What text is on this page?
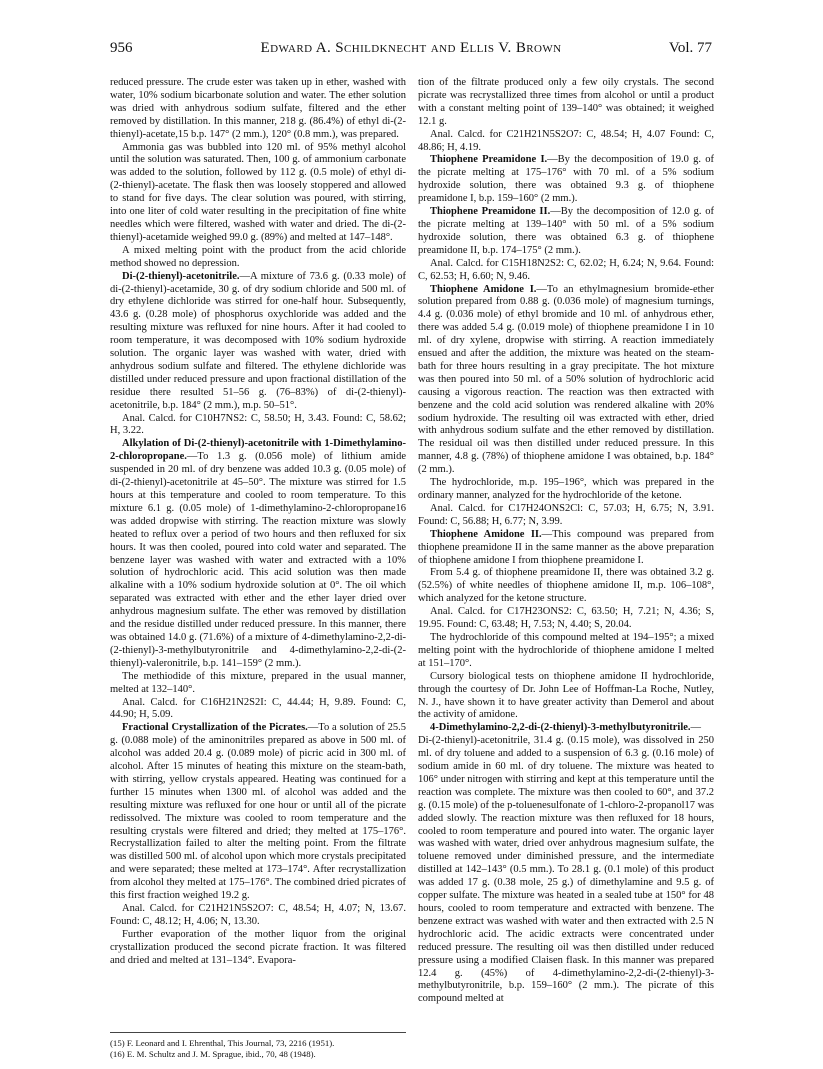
956	Edward A. Schildknecht and Ellis V. Brown	Vol. 77

reduced pressure. The crude ester was taken up in ether, washed with water, 10% sodium bicarbonate solution and water. The ether solution was dried with anhydrous sodium sulfate, filtered and the ether removed by distillation. In this manner, 218 g. (86.4%) of ethyl di-(2-thienyl)-acetate,15 b.p. 147° (2 mm.), 120° (0.8 mm.), was prepared.

Ammonia gas was bubbled into 120 ml. of 95% methyl alcohol until the solution was saturated. Then, 100 g. of ammonium carbonate was added to the solution, followed by 112 g. (0.5 mole) of ethyl di-(2-thienyl)-acetate. The flask then was loosely stoppered and allowed to stand for five days. The clear solution was poured, with stirring, into one liter of cold water resulting in the precipitation of fine white needles which were filtered, washed with water and dried. The di-(2-thienyl)-acetamide weighed 99.0 g. (89%) and melted at 147–148°.

A mixed melting point with the product from the acid chloride method showed no depression.

Di-(2-thienyl)-acetonitrile.—A mixture of 73.6 g. (0.33 mole) of di-(2-thienyl)-acetamide, 30 g. of dry sodium chloride and 500 ml. of dry ethylene dichloride was stirred for one-half hour. Subsequently, 43.6 g. (0.28 mole) of phosphorus oxychloride was added and the resulting mixture was refluxed for nine hours. After it had cooled to room temperature, it was decomposed with 10% sodium hydroxide solution. The organic layer was washed with water, dried with anhydrous sodium sulfate and filtered. The ethylene dichloride was distilled under reduced pressure and upon fractional distillation of the residue there resulted 51–56 g. (76–83%) of di-(2-thienyl)-acetonitrile, b.p. 184° (2 mm.), m.p. 50–51°.

Anal. Calcd. for C10H7NS2: C, 58.50; H, 3.43. Found: C, 58.62; H, 3.22.

Alkylation of Di-(2-thienyl)-acetonitrile with 1-Dimethylamino-2-chloropropane.—To 1.3 g. (0.056 mole) of lithium amide suspended in 20 ml. of dry benzene was added 10.3 g. (0.05 mole) of di-(2-thienyl)-acetonitrile at 45–50°. The mixture was stirred for 1.5 hours at this temperature and cooled to room temperature. To this mixture 6.1 g. (0.05 mole) of 1-dimethylamino-2-chloropropane16 was added dropwise with stirring. The reaction mixture was slowly heated to reflux over a period of two hours and then refluxed for six hours. It was then cooled, poured into cold water and separated. The benzene layer was washed with water and extracted with a 10% solution of hydrochloric acid. This acid solution was then made alkaline with a 10% sodium hydroxide solution at 0°. The oil which separated was extracted with ether and the ether layer dried over anhydrous magnesium sulfate. The ether was removed by distillation and the residue distilled under reduced pressure. In this manner, there was obtained 14.0 g. (71.6%) of a mixture of 4-dimethylamino-2,2-di-(2-thienyl)-3-methylbutyronitrile and 4-dimethylamino-2,2-di-(2-thienyl)-valeronitrile, b.p. 141–159° (2 mm.).

The methiodide of this mixture, prepared in the usual manner, melted at 132–140°.

Anal. Calcd. for C16H21N2S2I: C, 44.44; H, 9.89. Found: C, 44.90; H, 5.09.

Fractional Crystallization of the Picrates.—To a solution of 25.5 g. (0.088 mole) of the aminonitriles prepared as above in 500 ml. of alcohol was added 20.4 g. (0.089 mole) of picric acid in 300 ml. of alcohol. After 15 minutes of heating this mixture on the steam-bath, with stirring, yellow crystals appeared. Heating was continued for a further 15 minutes when 1300 ml. of alcohol was added and the resulting mixture was refluxed for one hour or until all of the picrate redissolved. The mixture was cooled to room temperature and the resulting crystals were filtered and dried; they melted at 175–176°. Recrystallization failed to alter the melting point. From the filtrate was distilled 500 ml. of alcohol upon which more crystals precipitated and were separated; these melted at 173–174°. After recrystallization from alcohol they melted at 175–176°. The combined dried picrates of this first fraction weighed 19.2 g.

Anal. Calcd. for C21H21N5S2O7: C, 48.54; H, 4.07; N, 13.67. Found: C, 48.12; H, 4.06; N, 13.30.

Further evaporation of the mother liquor from the original crystallization produced the second picrate fraction. It was filtered and dried and melted at 131–134°. Evapora-

tion of the filtrate produced only a few oily crystals. The second picrate was recrystallized three times from alcohol or until a product with a constant melting point of 139–140° was obtained; it weighed 12.1 g.

Anal. Calcd. for C21H21N5S2O7: C, 48.54; H, 4.07 Found: C, 48.86; H, 4.19.

Thiophene Preamidone I.—By the decomposition of 19.0 g. of the picrate melting at 175–176° with 70 ml. of a 5% sodium hydroxide solution, there was obtained 9.3 g. of thiophene preamidone I, b.p. 159–160° (2 mm.).

Thiophene Preamidone II.—By the decomposition of 12.0 g. of the picrate melting at 139–140° with 50 ml. of a 5% sodium hydroxide solution, there was obtained 6.3 g. of thiophene preamidone II, b.p. 174–175° (2 mm.).

Anal. Calcd. for C15H18N2S2: C, 62.02; H, 6.24; N, 9.64. Found: C, 62.53; H, 6.60; N, 9.46.

Thiophene Amidone I.—To an ethylmagnesium bromide-ether solution prepared from 0.88 g. (0.036 mole) of magnesium turnings, 4.4 g. (0.036 mole) of ethyl bromide and 10 ml. of anhydrous ether, there was added 5.4 g. (0.019 mole) of thiophene preamidone I in 10 ml. of dry xylene, dropwise with stirring. A reaction immediately ensued and after the addition, the mixture was heated on the steam-bath for three hours resulting in a gray precipitate. The hot mixture was then poured into 50 ml. of a 50% solution of hydrochloric acid causing a vigorous reaction. The reaction was then extracted with benzene and the cold acid solution was rendered alkaline with 20% sodium hydroxide. The resulting oil was extracted with ether, dried with anhydrous sodium sulfate and the ether removed by distillation. The residual oil was then distilled under reduced pressure. In this manner, 4.8 g. (78%) of thiophene amidone I was obtained, b.p. 184° (2 mm.).

The hydrochloride, m.p. 195–196°, which was prepared in the ordinary manner, analyzed for the hydrochloride of the ketone.

Anal. Calcd. for C17H24ONS2Cl: C, 57.03; H, 6.75; N, 3.91. Found: C, 56.88; H, 6.77; N, 3.99.

Thiophene Amidone II.—This compound was prepared from thiophene preamidone II in the same manner as the above preparation of thiophene amidone I from thiophene preamidone I.

From 5.4 g. of thiophene preamidone II, there was obtained 3.2 g. (52.5%) of white needles of thiophene amidone II, m.p. 106–108°, which analyzed for the ketone structure.

Anal. Calcd. for C17H23ONS2: C, 63.50; H, 7.21; N, 4.36; S, 19.95. Found: C, 63.48; H, 7.53; N, 4.40; S, 20.04.

The hydrochloride of this compound melted at 194–195°; a mixed melting point with the hydrochloride of thiophene amidone I melted at 151–170°.

Cursory biological tests on thiophene amidone II hydrochloride, through the courtesy of Dr. John Lee of Hoffman-La Roche, Nutley, N. J., have shown it to have greater activity than Demerol and about the activity of amidone.

4-Dimethylamino-2,2-di-(2-thienyl)-3-methylbutyronitrile.—Di-(2-thienyl)-acetonitrile, 31.4 g. (0.15 mole), was dissolved in 250 ml. of dry toluene and added to a suspension of 6.3 g. (0.16 mole) of sodium amide in 60 ml. of dry toluene. The mixture was heated to 106° under nitrogen with stirring and kept at this temperature until the reaction was complete. The mixture was then cooled to 60°, and 37.2 g. (0.15 mole) of the p-toluenesulfonate of 1-chloro-2-propanol17 was added slowly. The reaction mixture was then refluxed for 18 hours, cooled to room temperature and poured into water. The organic layer was washed with water, dried over anhydrous magnesium sulfate, the toluene removed under diminished pressure, and the intermediate distilled at 142–143° (0.5 mm.). To 28.1 g. (0.1 mole) of this product was added 17 g. (0.38 mole, 25 g.) of dimethylamine and 9.5 g. of copper sulfate. The mixture was heated in a sealed tube at 150° for 48 hours, cooled to room temperature and extracted with benzene. The benzene extract was washed with water and then extracted with 2.5 N hydrochloric acid. The acidic extracts were concentrated under reduced pressure. The resulting oil was then distilled under reduced pressure using a modified Claisen flask. In this manner was prepared 12.4 g. (45%) of 4-dimethylamino-2,2-di-(2-thienyl)-3-methylbutyronitrile, b.p. 159–160° (2 mm.). The picrate of this compound melted at

(15) F. Leonard and I. Ehrenthal, This Journal, 73, 2216 (1951).
(16) E. M. Schultz and J. M. Sprague, ibid., 70, 48 (1948).
